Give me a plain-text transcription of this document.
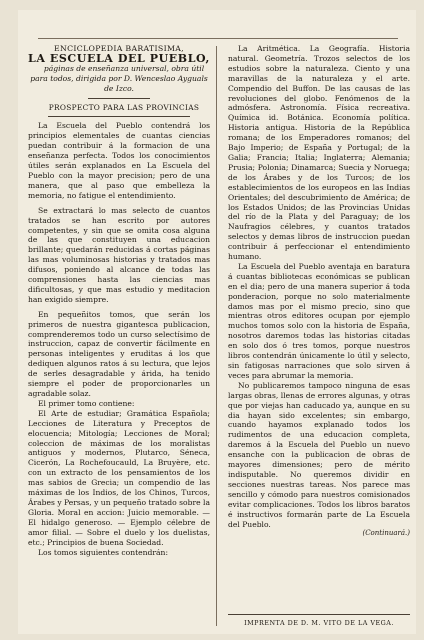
ENCICLOPEDIA BARATISIMA,

LA ESCUELA DEL PUEBLO,

páginas de enseñanza universal, obra útil para todos, dirigida por D. Wenceslao Ayguals de Izco.

PROSPECTO PARA LAS PROVINCIAS

La Escuela del Pueblo contendrá los principios elementales de cuantas ciencias puedan contribuir á la formacion de una enseñanza perfecta. Todos los conocimientos útiles serán explanados en La Escuela del Pueblo con la mayor precision; pero de una manera, que al paso que embelleza la memoria, no fatigue el entendimiento.

Se extractará lo mas selecto de cuantos tratados se han escrito por autores competentes, y sin que se omita cosa alguna de las que constituyen una educacion brillante; quedarán reducidas á cortas páginas las mas voluminosas historias y tratados mas difusos, poniendo al alcance de todas las comprensiones hasta las ciencias mas dificultosas, y que mas estudio y meditacion han exigido siempre.

En pequeñitos tomos, que serán los primeros de nuestra gigantesca publicacion, comprenderemos todo un curso selectísimo de instruccion, capaz de convertir fácilmente en personas inteligentes y eruditas á los que dediquen algunos ratos á su lectura, que lejos de serles desagradable y árida, ha tenido siempre el poder de proporcionarles un agradable solaz.

El primer tomo contiene:

El Arte de estudiar; Gramática Española; Lecciones de Literatura y Preceptos de elocuencia; Mitología; Lecciones de Moral; coleccion de máximas de los moralistas antiguos y modernos, Plutarco, Séneca, Cicerón, La Rochefoucauld, La Bruyère, etc. con un extracto de los pensamientos de los mas sabios de Grecia; un compendio de las máximas de los Indios, de los Chinos, Turcos, Árabes y Persas, y un pequeño tratado sobre la Gloria. Moral en accion: Juicio memorable. — El hidalgo generoso. — Ejemplo célebre de amor filial. — Sobre el duelo y los duelistas, etc.; Principios de buena Sociedad.

Los tomos siguientes contendrán:

La Aritmética. La Geografía. Historia natural. Geometría. Trozos selectos de los estudios sobre la naturaleza. Ciento y una maravillas de la naturaleza y el arte. Compendio del Buffon. De las causas de las revoluciones del globo. Fenómenos de la admósfera. Astronomía. Física recreativa. Química id. Botánica. Economía política. Historia antigua. Historia de la República romana; de los Emperadores romanos; del Bajo Imperio; de España y Portugal; de la Galia; Francia; Italia; Inglaterra; Alemania; Prusia; Polonia; Dinamarca; Suecia y Noruega; de los Árabes y de los Turcos; de los establecimientos de los europeos en las Indias Orientales; del descubrimiento de América; de los Estados Unidos; de las Provincias Unidas del río de la Plata y del Paraguay; de los Naufragios célebres, y cuantos tratados selectos y demas libros de instruccion puedan contribuir á perfeccionar el entendimiento humano.

La Escuela del Pueblo aventaja en baratura á cuantas bibliotecas económicas se publican en el dia; pero de una manera superior á toda ponderacion, porque no solo materialmente damos mas por el mismo precio, sino que mientras otros editores ocupan por ejemplo muchos tomos solo con la historia de España, nosotros daremos todas las historias citadas en solo dos ó tres tomos, porque nuestros libros contendrán únicamente lo útil y selecto, sin fatigosas narraciones que solo sirven á veces para abrumar la memoria.

No publicaremos tampoco ninguna de esas largas obras, llenas de errores algunas, y otras que por viejas han caducado ya, aunque en su dia hayan sido excelentes; sin embargo, cuando hayamos explanado todos los rudimentos de una educacion completa, daremos á la Escuela del Pueblo un nuevo ensanche con la publicacion de obras de mayores dimensiones; pero de mérito indisputable. No queremos dividir en secciones nuestras tareas. Nos parece mas sencillo y cómodo para nuestros comisionados evitar complicaciones. Todos los libros baratos é instructivos formarán parte de La Escuela del Pueblo.

(Continuará.)

IMPRENTA DE D. M. VITO DE LA VEGA.
